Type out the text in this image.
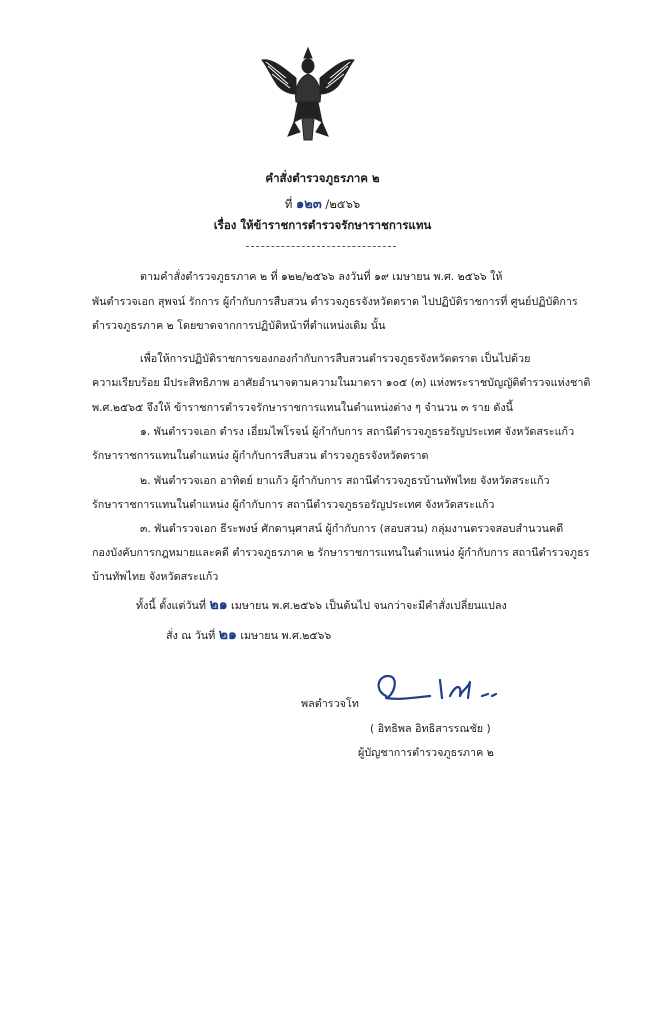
คำสั่งตำรวจภูธรภาค ๒
ที่ ๑๒๓ /๒๕๖๖
เรื่อง ให้ข้าราชการตำรวจรักษาราชการแทน
ตามคำสั่งตำรวจภูธรภาค ๒ ที่ ๑๒๒/๒๕๖๖ ลงวันที่ ๑๙ เมษายน พ.ศ. ๒๕๖๖ ให้
พันตำรวจเอก สุพจน์ รักการ ผู้กำกับการสืบสวน ตำรวจภูธรจังหวัดตราด ไปปฏิบัติราชการที่ ศูนย์ปฏิบัติการ
ตำรวจภูธรภาค ๒ โดยขาดจากการปฏิบัติหน้าที่ตำแหน่งเดิม นั้น
เพื่อให้การปฏิบัติราชการของกองกำกับการสืบสวนตำรวจภูธรจังหวัดตราด เป็นไปด้วย
ความเรียบร้อย มีประสิทธิภาพ อาศัยอำนาจตามความในมาตรา ๑๐๕ (๓) แห่งพระราชบัญญัติตำรวจแห่งชาติ
พ.ศ.๒๕๖๕ จึงให้ ข้าราชการตำรวจรักษาราชการแทนในตำแหน่งต่าง ๆ จำนวน ๓ ราย ดังนี้
๑. พันตำรวจเอก ดำรง เอี่ยมไพโรจน์ ผู้กำกับการ สถานีตำรวจภูธรอรัญประเทศ จังหวัดสระแก้ว
รักษาราชการแทนในตำแหน่ง ผู้กำกับการสืบสวน ตำรวจภูธรจังหวัดตราด
๒. พันตำรวจเอก อาทิตย์ ยาแก้ว ผู้กำกับการ สถานีตำรวจภูธรบ้านทัพไทย จังหวัดสระแก้ว
รักษาราชการแทนในตำแหน่ง ผู้กำกับการ สถานีตำรวจภูธรอรัญประเทศ จังหวัดสระแก้ว
๓. พันตำรวจเอก ธีระพงษ์ ศักดานุศาสน์ ผู้กำกับการ (สอบสวน) กลุ่มงานตรวจสอบสำนวนคดี
กองบังคับการกฎหมายและคดี ตำรวจภูธรภาค ๒ รักษาราชการแทนในตำแหน่ง ผู้กำกับการ สถานีตำรวจภูธร
บ้านทัพไทย จังหวัดสระแก้ว
ทั้งนี้ ตั้งแต่วันที่ ๒๑ เมษายน พ.ศ.๒๕๖๖ เป็นต้นไป จนกว่าจะมีคำสั่งเปลี่ยนแปลง
สั่ง ณ วันที่ ๒๑ เมษายน พ.ศ.๒๕๖๖
พลตำรวจโท
( อิทธิพล อิทธิสารรณชัย )
ผู้บัญชาการตำรวจภูธรภาค ๒
